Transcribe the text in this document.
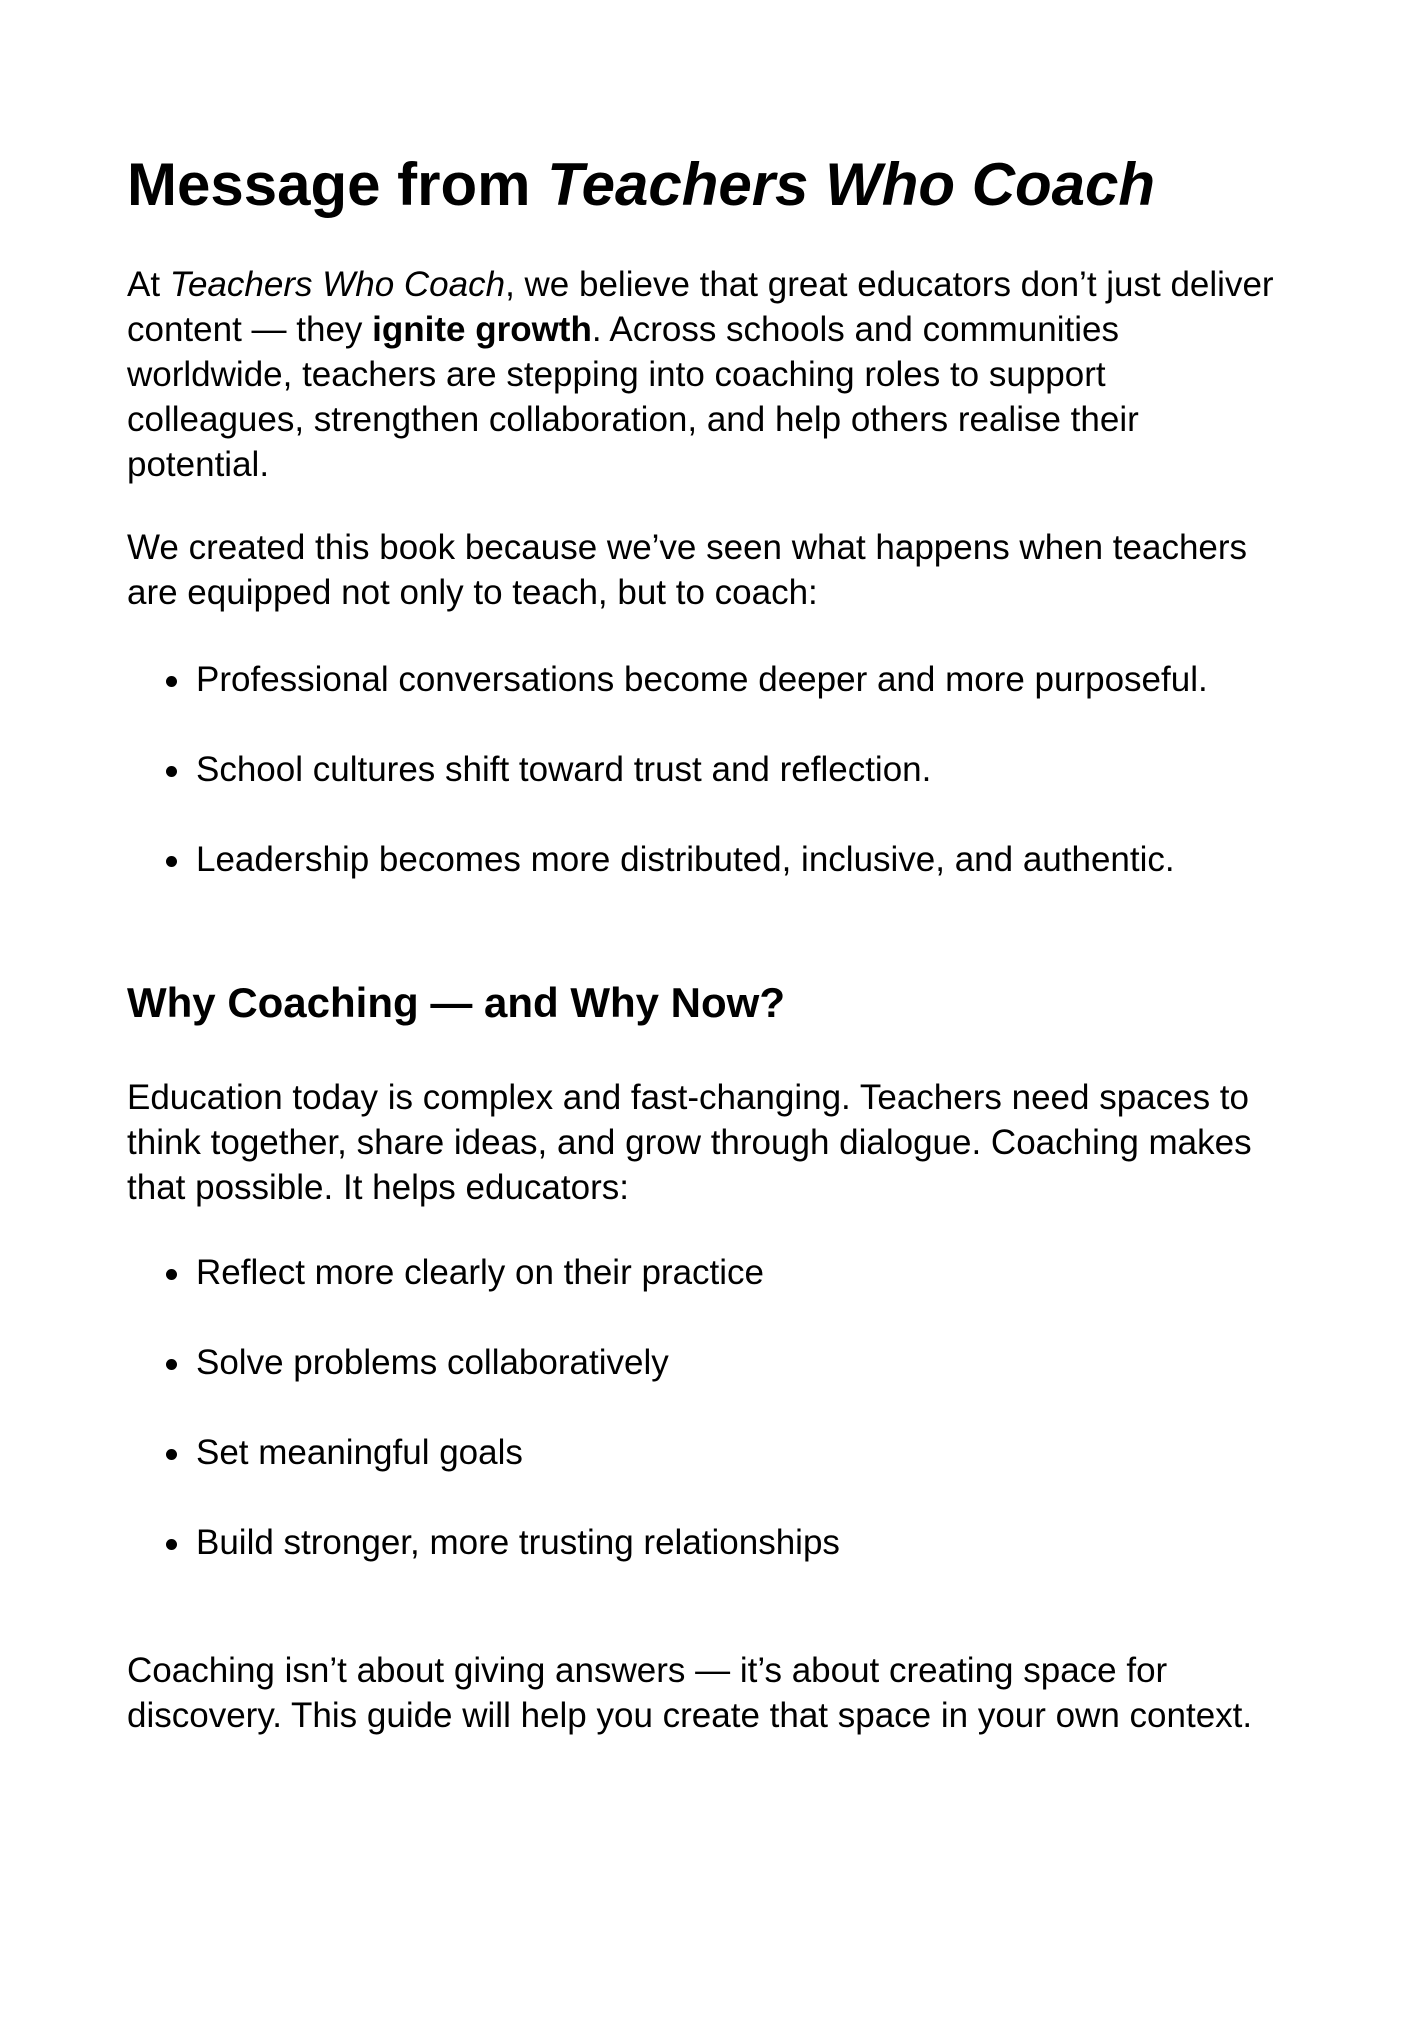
Message from Teachers Who Coach
At Teachers Who Coach, we believe that great educators don’t just deliver
content — they ignite growth. Across schools and communities
worldwide, teachers are stepping into coaching roles to support
colleagues, strengthen collaboration, and help others realise their
potential.
We created this book because we’ve seen what happens when teachers
are equipped not only to teach, but to coach:
Professional conversations become deeper and more purposeful.
School cultures shift toward trust and reflection.
Leadership becomes more distributed, inclusive, and authentic.
Why Coaching — and Why Now?
Education today is complex and fast-changing. Teachers need spaces to
think together, share ideas, and grow through dialogue. Coaching makes
that possible. It helps educators:
Reflect more clearly on their practice
Solve problems collaboratively
Set meaningful goals
Build stronger, more trusting relationships
Coaching isn’t about giving answers — it’s about creating space for
discovery. This guide will help you create that space in your own context.
